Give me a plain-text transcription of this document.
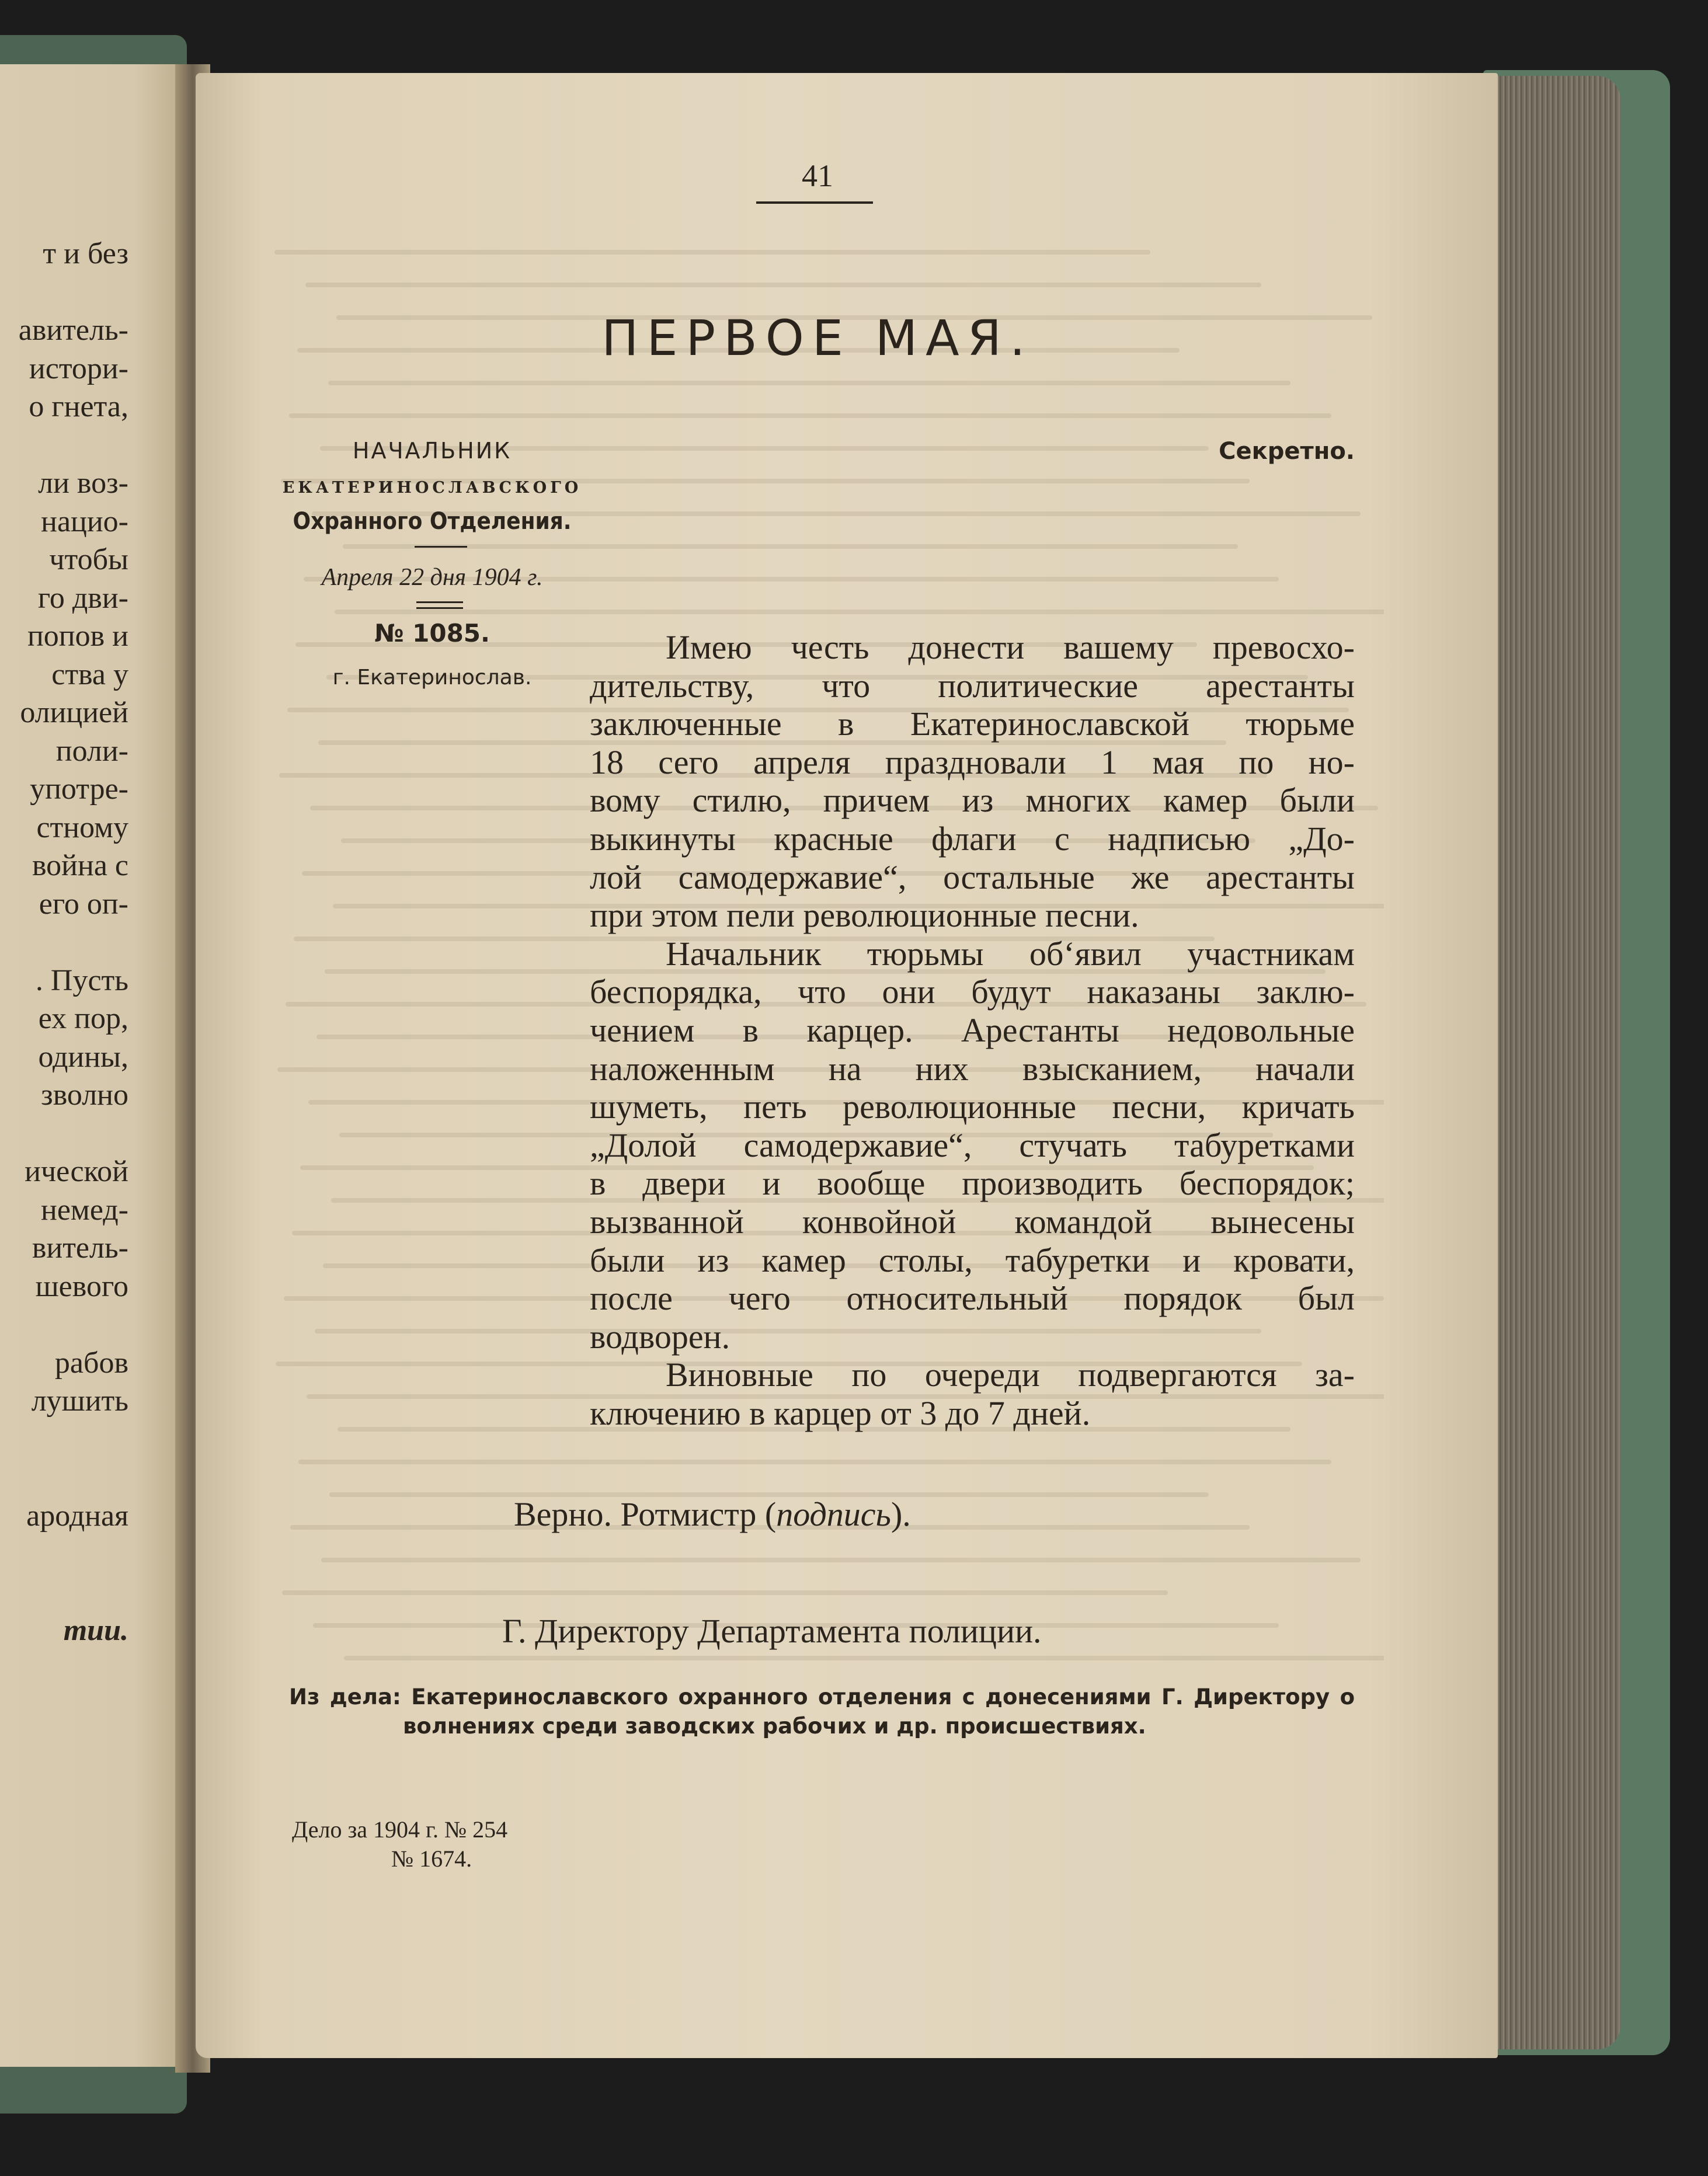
т и без
авитель-
истори-
о гнета,
ли воз-
нацио-
чтобы
го дви-
попов и
ства у
олицией
поли-
употре-
стному
война с
его оп-
. Пусть
ех пор,
одины,
зволно
ической
немед-
витель-
шевого
рабов
лушить
ародная
тии.
41
ПЕРВОЕ МАЯ.
НАЧАЛЬНИК
ЕКАТЕРИНОСЛАВСКОГО
Охранного Отделения.
Апреля 22 дня 1904 г.
№ 1085.
г. Екатеринослав.
Секретно.
Имею честь донести вашему превосхо-
дительству, что политические арестанты
заключенные в Екатеринославской тюрьме
18 сего апреля праздновали 1 мая по но-
вому стилю, причем из многих камер были
выкинуты красные флаги с надписью „До-
лой самодержавие“, остальные же арестанты
при этом пели революционные песни.
Начальник тюрьмы об‘явил участникам
беспорядка, что они будут наказаны заклю-
чением в карцер. Арестанты недовольные
наложенным на них взысканием, начали
шуметь, петь революционные песни, кричать
„Долой самодержавие“, стучать табуретками
в двери и вообще производить беспорядок;
вызванной конвойной командой вынесены
были из камер столы, табуретки и кровати,
после чего относительный порядок был
водворен.
Виновные по очереди подвергаются за-
ключению в карцер от 3 до 7 дней.
Верно. Ротмистр (подпись).
Г. Директору Департамента полиции.
Из дела: Екатеринославского охранного отделения с донесениями Г. Директору о
волнениях среди заводских рабочих и др. происшествиях.
Дело за 1904 г. № 254
№ 1674.
